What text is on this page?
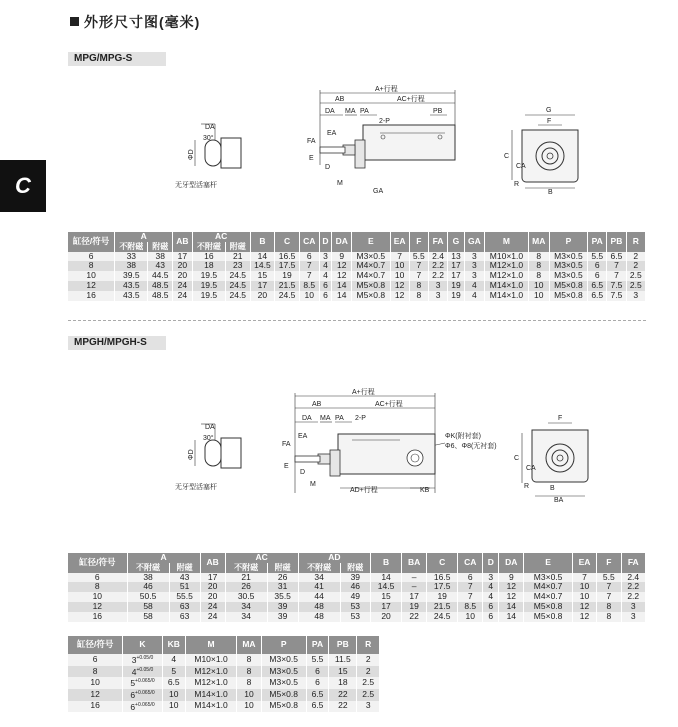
外形尺寸图(毫米)
C
MPG/MPG-S
DA
30°
ΦD
无牙型活塞杆
A+行程
AB	AC+行程
DA MA PA
2-P
PB
FA
EA
E
D
M
GA
G
F
C
CA
R
B
缸径/符号	A		AB	AC		B	C	CA	D	DA	E	EA	F	FA	G	GA	M	MA	P	PA	PB	R
	不附磁	附磁		不附磁	附磁																	
6	33	38	17	16	21	14	16.5	6	3	9	M3×0.5	7	5.5	2.4	13	3	M10×1.0	8	M3×0.5	5.5	6.5	2
8	38	43	20	18	23	14.5	17.5	7	4	12	M4×0.7	10	7	2.2	17	3	M12×1.0	8	M3×0.5	6	7	2
10	39.5	44.5	20	19.5	24.5	15	19	7	4	12	M4×0.7	10	7	2.2	17	3	M12×1.0	8	M3×0.5	6	7	2.5
12	43.5	48.5	24	19.5	24.5	17	21.5	8.5	6	14	M5×0.8	12	8	3	19	4	M14×1.0	10	M5×0.8	6.5	7.5	2.5
16	43.5	48.5	24	19.5	24.5	20	24.5	10	6	14	M5×0.8	12	8	3	19	4	M14×1.0	10	M5×0.8	6.5	7.5	3
MPGH/MPGH-S
DA
30°
ΦD
无牙型活塞杆
A+行程
AB	AC+行程
DA MA PA 2-P
FA
EA
E
D
M
AD+行程	KB
ΦK(附衬套)
Φ6、Φ8(无衬套)
F
C
CA
R	B
BA
缸径/符号	A		AB	AC		AD		B	BA	C	CA	D	DA	E	EA	F	FA
	不附磁	附磁		不附磁	附磁	不附磁	附磁										
6	38	43	17	21	26	34	39	14	–	16.5	6	3	9	M3×0.5	7	5.5	2.4
8	46	51	20	26	31	41	46	14.5	–	17.5	7	4	12	M4×0.7	10	7	2.2
10	50.5	55.5	20	30.5	35.5	44	49	15	17	19	7	4	12	M4×0.7	10	7	2.2
12	58	63	24	34	39	48	53	17	19	21.5	8.5	6	14	M5×0.8	12	8	3
16	58	63	24	34	39	48	53	20	22	24.5	10	6	14	M5×0.8	12	8	3
缸径/符号	K	KB	M	MA	P	PA	PB	R
6	$3^{+0.05/0}$	4	M10×1.0	8	M3×0.5	5.5	11.5	2
8	$4^{+0.05/0}$	5	M12×1.0	8	M3×0.5	6	15	2
10	$5^{+0.065/0}$	6.5	M12×1.0	8	M3×0.5	6	18	2.5
12	$6^{+0.065/0}$	10	M14×1.0	10	M5×0.8	6.5	22	2.5
16	$6^{+0.065/0}$	10	M14×1.0	10	M5×0.8	6.5	22	3
